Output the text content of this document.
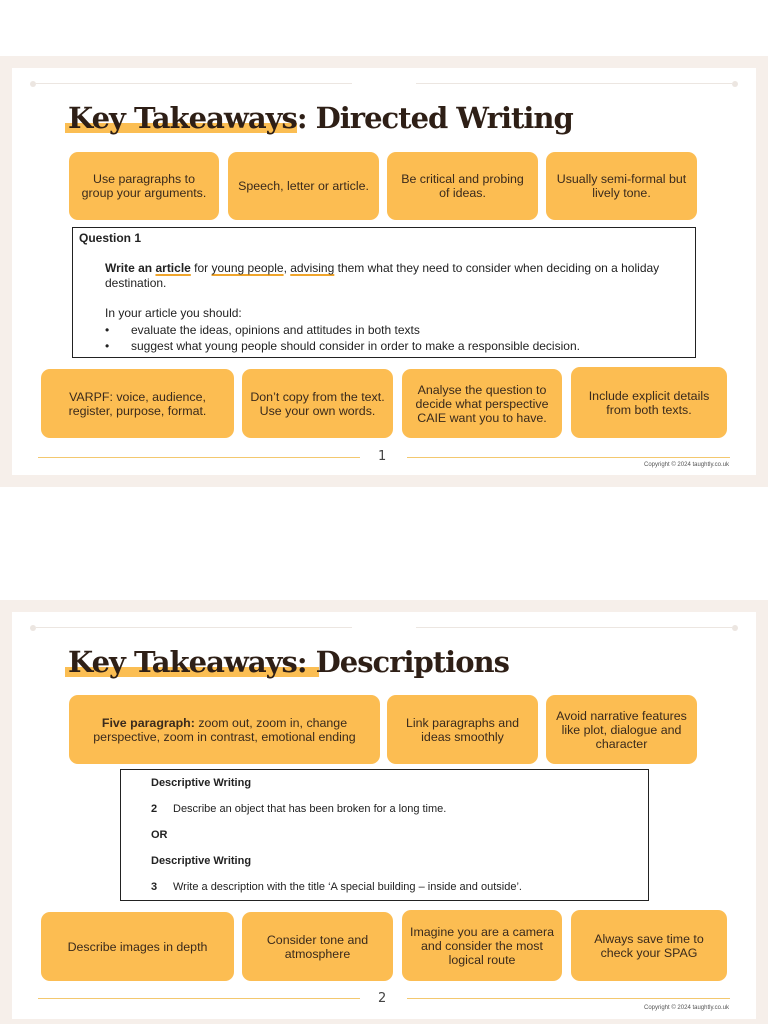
Key Takeaways: Directed Writing
Use paragraphs to group your arguments.	Speech, letter or article.	Be critical and probing of ideas.
Usually semi-formal but lively tone.
Question 1
Write an article for young people, advising them what they need to consider when deciding on a holiday destination.
In your article you should:
•	evaluate the ideas, opinions and attitudes in both texts
•	suggest what young people should consider in order to make a responsible decision.
VARPF: voice, audience, register, purpose, format.
Don’t copy from the text. Use your own words.
Analyse the question to decide what perspective CAIE want you to have.
Include explicit details from both texts.
1
Copyright © 2024 taughtly.co.uk
Key Takeaways: Descriptions
Five paragraph: zoom out, zoom in, change perspective, zoom in contrast, emotional ending
Link paragraphs and ideas smoothly
Avoid narrative features like plot, dialogue and character
Descriptive Writing
2	Describe an object that has been broken for a long time.
OR
Descriptive Writing
3	Write a description with the title ‘A special building – inside and outside’.
Describe images in depth	Consider tone and atmosphere
Imagine you are a camera and consider the most logical route
Always save time to check your SPAG
2
Copyright © 2024 taughtly.co.uk
